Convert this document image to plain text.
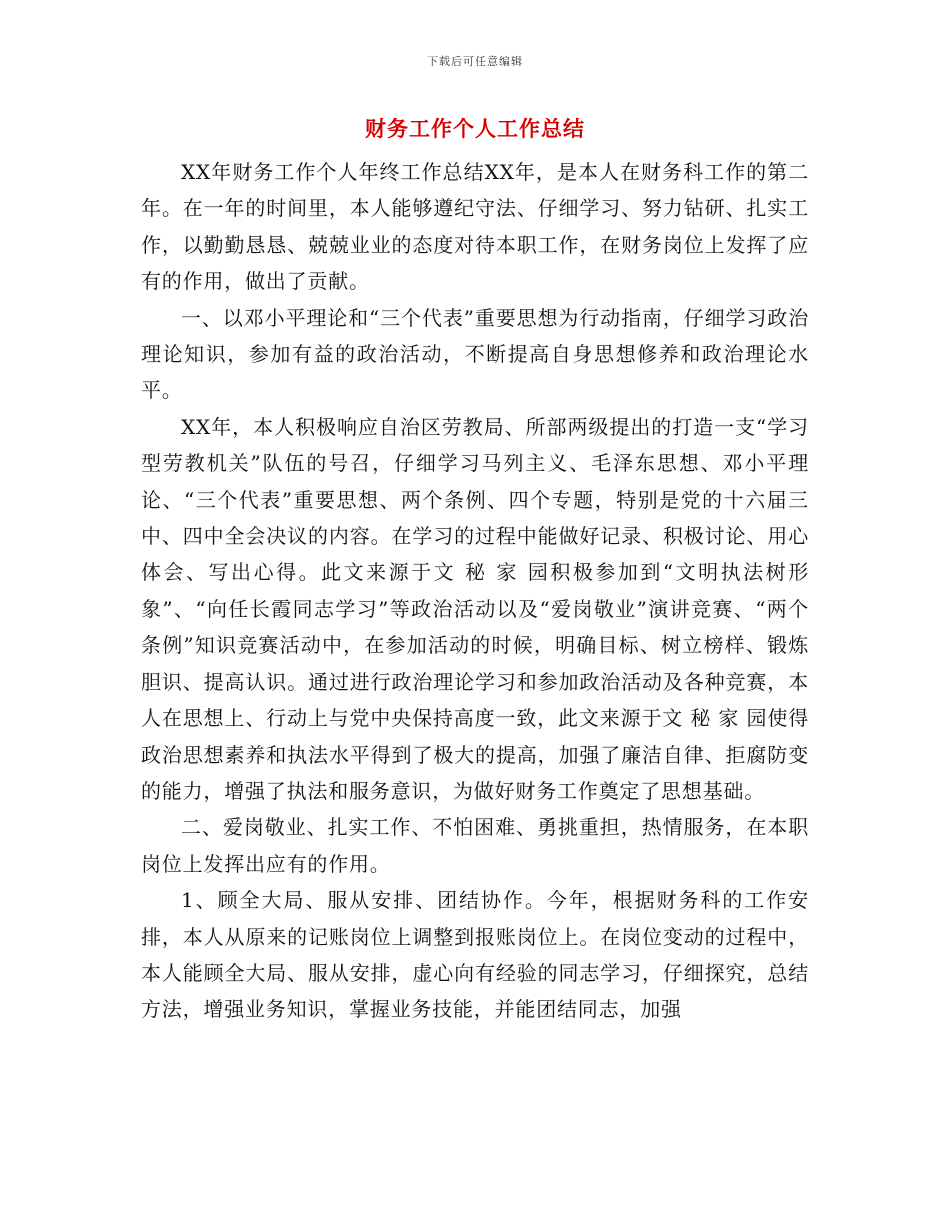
下载后可任意编辑
财务工作个人工作总结

XX年财务工作个人年终工作总结XX年，是本人在财务科工作的第二年。在一年的时间里，本人能够遵纪守法、仔细学习、努力钻研、扎实工作，以勤勤恳恳、兢兢业业的态度对待本职工作，在财务岗位上发挥了应有的作用，做出了贡献。

一、以邓小平理论和“三个代表”重要思想为行动指南，仔细学习政治理论知识，参加有益的政治活动，不断提高自身思想修养和政治理论水平。

XX年，本人积极响应自治区劳教局、所部两级提出的打造一支“学习型劳教机关”队伍的号召，仔细学习马列主义、毛泽东思想、邓小平理论、“三个代表”重要思想、两个条例、四个专题，特别是党的十六届三中、四中全会决议的内容。在学习的过程中能做好记录、积极讨论、用心体会、写出心得。此文来源于文 秘 家 园积极参加到“文明执法树形象”、“向任长霞同志学习”等政治活动以及“爱岗敬业”演讲竞赛、“两个条例”知识竞赛活动中，在参加活动的时候，明确目标、树立榜样、锻炼胆识、提高认识。通过进行政治理论学习和参加政治活动及各种竞赛，本人在思想上、行动上与党中央保持高度一致，此文来源于文 秘 家 园使得政治思想素养和执法水平得到了极大的提高，加强了廉洁自律、拒腐防变的能力，增强了执法和服务意识，为做好财务工作奠定了思想基础。

二、爱岗敬业、扎实工作、不怕困难、勇挑重担，热情服务，在本职岗位上发挥出应有的作用。

1、顾全大局、服从安排、团结协作。今年，根据财务科的工作安排，本人从原来的记账岗位上调整到报账岗位上。在岗位变动的过程中，本人能顾全大局、服从安排，虚心向有经验的同志学习，仔细探究，总结方法，增强业务知识，掌握业务技能，并能团结同志，加强
